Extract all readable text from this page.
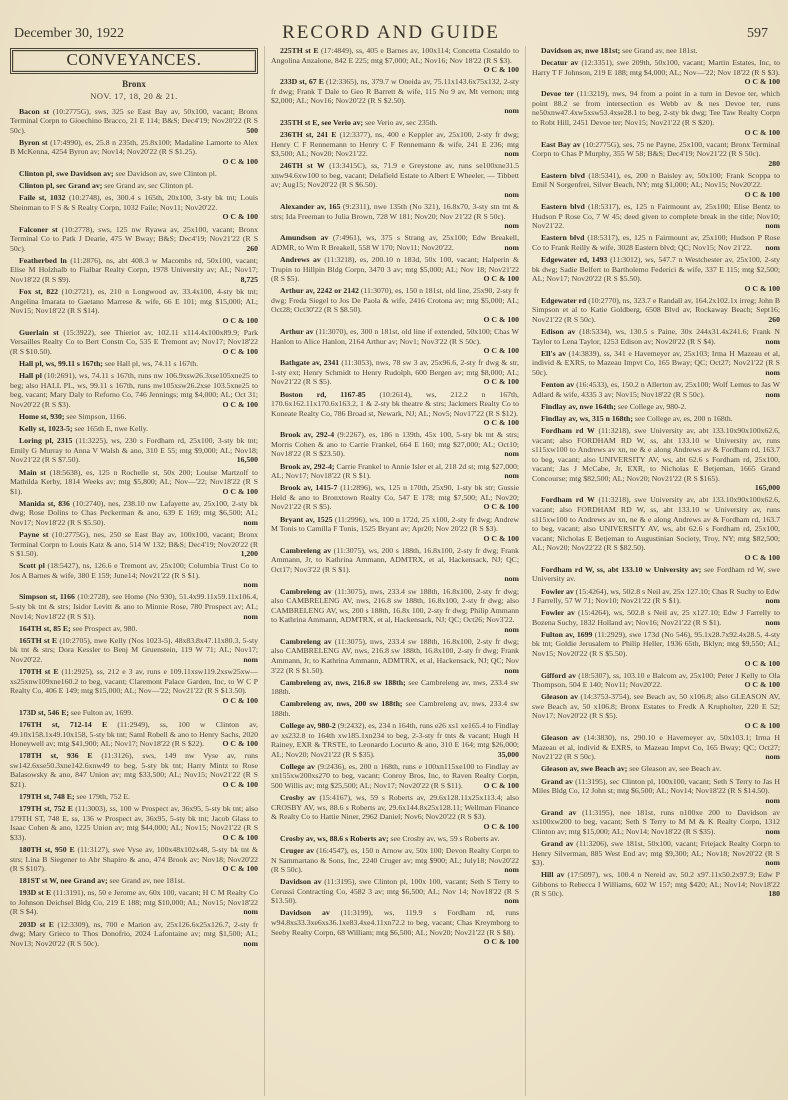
December 30, 1922	RECORD AND GUIDE	597
CONVEYANCES.
Bronx
NOV. 17, 18, 20 & 21.
Bacon st (10:2775G), sws, 325 se East Bay av, 50x100, vacant; Bronx Terminal Corpn to Gioechino Bracco, 21 E 114; B&S; Dec4'19; Nov20'22 (R S 50c).	500
Byron st (17:4990), es, 25.8 n 235th, 25.8x100; Madaline Lamorte to Alex B McKenna, 4254 Byron av; Nov14; Nov20'22 (R S $1.25).
O C & 100
Clinton pl, swe Davidson av; see Davidson av, swe Clinton pl.
Clinton pl, sec Grand av; see Grand av, sec Clinton pl.
Faile st, 1032 (10:2748), es, 300.4 s 165th, 20x100, 3-sty bk tnt; Louis Sheinman to F S & S Realty Corpn, 1032 Faile; Nov11; Nov20'22.
O C & 100
Falconer st (10:2778), sws, 125 nw Ryawa av, 25x100, vacant; Bronx Terminal Co to Patk J Dearie, 475 W Bway; B&S; Dec4'19; Nov21'22 (R S 50c).	260
Featherbed ln (11:2876), ns, abt 408.3 w Macombs rd, 50x100, vacant; Elise M Holzhalb to Fialbar Realty Corpn, 1978 University av; AL; Nov17; Nov18'22 (R S $9).	8,725
Fox st, 822 (10:2721), es, 210 n Longwood av, 33.4x100, 4-sty bk tnt; Angelina Imarata to Gaetano Marrese & wife, 66 E 101; mtg $15,000; AL; Nov15; Nov18'22 (R S $14).
O C & 100
Guerlain st (15:3922), see Thieriot av, 102.11 x114.4x100x89.9; Park Versailles Realty Co to Bert Constn Co, 535 E Tremont av; Nov17; Nov18'22 (R S $10.50).	O C & 100
Hall pl, ws, 99.11 s 167th; see Hall pl, ws, 74.11 s 167th.
Hall pl (10:2691), ws, 74.11 s 167th, runs nw 106.9xsw26.3xse105xne25 to beg; also HALL PL, ws, 99.11 s 167th, runs nw105xsw26.2xse 103.5xne25 to beg, vacant; Mary Daly to Reforno Co, 746 Jennings; mtg $4,000; AL; Oct 31; Nov20'22 (R S $3).	O C & 100
Home st, 930; see Simpson, 1166.
Kelly st, 1023-5; see 165th E, nwe Kelly.
Loring pl, 2315 (11:3225), ws, 230 s Fordham rd, 25x100, 3-sty bk tnt; Emily G Murray to Anna V Walsh & ano, 310 E 55; mtg $9,000; AL; Nov18; Nov21'22 (R S $7.50).	16,500
Main st (18:5638), es, 125 n Rochelle st, 50x 200; Louise Martzolf to Mathilda Kerby, 1814 Weeks av; mtg $5,800; AL; Nov—'22; Nov18'22 (R S $1).	O C & 100
Manida st, 836 (10:2740), nes, 238.10 nw Lafayette av, 25x100, 2-sty bk dwg; Rose Dolins to Chas Peckerman & ano, 639 E 169; mtg $6,500; AL; Nov17; Nov18'22 (R S $5.50).	nom
Payne st (10:2775G), nes, 250 se East Bay av, 100x100, vacant; Bronx Terminal Corpn to Louis Katz & ano, 514 W 132; B&S; Dec4'19; Nov20'22 (R S $1.50).	1,200
Scott pl (18:5427), ns, 126.6 e Tremont av, 25x100; Columbia Trust Co to Jos A Barnes & wife, 380 E 159; June14; Nov21'22 (R S $1).
nom
Simpson st, 1166 (10:2728), see Home (No 930), 51.4x99.11x59.11x106.4, 5-sty bk tnt & strs; Isidor Levitt & ano to Minnie Rose, 780 Prospect av; AL; Nov14; Nov18'22 (R S $1).	nom
164TH st, 85 E; see Prospect av, 980.
165TH st E (10:2705), nwe Kelly (Nos 1023-5), 48x83.8x47.11x80.3, 5-sty bk tnt & strs; Dora Kessler to Benj M Gruenstein, 119 W 71; AL; Nov17; Nov20'22.	nom
170TH st E (11:2925), ss, 212 e 3 av, runs e 109.11xsw119.2xsw25xw—xs25xnw109xne160.2 to beg, vacant; Claremont Palace Garden, Inc, to W C P Realty Co, 406 E 149; mtg $15,000; AL; Nov—'22; Nov21'22 (R S $13.50).
O C & 100
173D st, 546 E; see Fulton av, 1699.
176TH st, 712-14 E (11:2949), ss, 100 w Clinton av, 49.10x158.1x49.10x158, 5-sty bk tnt; Saml Robell & ano to Henry Sachs, 2020 Honeywell av; mtg $41,900; AL; Nov17; Nov18'22 (R S $22).	O C & 100
178TH st, 936 E (11:3126), sws, 149 nw Vyse av, runs sw142.6xse50.3xne142.6xnw49 to beg, 5-sty bk tnt; Harry Mintz to Rose Balasowsky & ano, 847 Union av; mtg $33,500; AL; Nov15; Nov21'22 (R S $21).	O C & 100
179TH st, 748 E; see 179th, 752 E.
179TH st, 752 E (11:3003), ss, 100 w Prospect av, 36x95, 5-sty bk tnt; also 179TH ST, 748 E, ss, 136 w Prospect av, 36x95, 5-sty bk tnt; Jacob Glass to Isaac Cohen & ano, 1225 Union av; mtg $44,000; AL; Nov15; Nov21'22 (R S $33).	O C & 100
180TH st, 950 E (11:3127), swe Vyse av, 100x48x102x48, 5-sty bk tnt & strs; Lina B Siegener to Abr Shapiro & ano, 474 Brook av; Nov18; Nov20'22 (R S $107).	O C & 100
181ST st W, nee Grand av; see Grand av, nee 181st.
193D st E (11:3191), ns, 50 e Jerome av, 60x 100, vacant; H C M Realty Co to Johnson Deichsel Bldg Co, 219 E 188; mtg $10,000; AL; Nov15; Nov18'22 (R S $4).	nom
203D st E (12:3309), ns, 700 e Marion av, 25x126.6x25x126.7, 2-sty fr dwg; Mary Grieco to Thos Donofrio, 2024 Lafontaine av; mtg $1,500; AL; Nov13; Nov20'22 (R S 50c).	nom
225TH st E (17:4849), ss, 405 e Barnes av, 100x114; Concetta Costaldo to Angolina Anzalone, 842 E 225; mtg $7,000; AL; Nov16; Nov 18'22 (R S $3).
O C & 100
233D st, 67 E (12:3365), ns, 379.7 w Oneida av, 75.11x143.6x75x132, 2-sty fr dwg; Frank T Dale to Geo R Barrett & wife, 115 No 9 av, Mt vernon; mtg $2,000; AL; Nov16; Nov20'22 (R S $2.50).
nom
235TH st E, see Verio av; see Verio av, sec 235th.
236TH st, 241 E (12:3377), ns, 400 e Keppler av, 25x100, 2-sty fr dwg; Henry C F Rennemann to Henry C F Rennemann & wife, 241 E 236; mtg $3,500; AL; Nov20; Nov21'22.	nom
246TH st W (13:3415C), ss, 71.9 e Greystone av, runs se100xne31.5 xnw94.6xw100 to beg, vacant; Delafield Estate to Albert E Wheeler, — Tibbett av; Aug15; Nov20'22 (R S $6.50).
nom
Alexander av, 165 (9:2311), nwe 135th (No 321), 16.8x70, 3-sty stn tnt & strs; Ida Freeman to Julia Brown, 728 W 181; Nov20; Nov 21'22 (R S 50c).
nom
Amundson av (7:4961), ws, 375 s Strang av, 25x100; Edw Breakell, ADMR, to Wm R Breakell, 558 W 170; Nov11; Nov20'22.	nom
Andrews av (11:3218), es, 200.10 n 183d, 50x 100, vacant; Halperin & Trupin to Hillpin Bldg Corpn, 3470 3 av; mtg $5,000; AL; Nov 18; Nov21'22 (R S $5).	O C & 100
Arthur av, 2242 or 2142 (11:3070), es, 150 n 181st, old line, 25x90, 2-sty fr dwg; Freda Siegel to Jos De Paola & wife, 2416 Crotona av; mtg $5,000; AL; Oct28; Oct30'22 (R S $8.50).
O C & 100
Arthur av (11:3070), es, 300 n 181st, old line if extended, 50x100; Chas W Hanlon to Alice Hanlon, 2164 Arthur av; Nov1; Nov3'22 (R S 50c).
O C & 100
Bathgate av, 2341 (11:3053), nws, 78 sw 3 av, 25x96.6, 2-sty fr dwg & str, 1-sty ext; Henry Schmidt to Henry Rudolph, 600 Bergen av; mtg $8,000; AL; Nov21'22 (R S $5).	O C & 100
Boston rd, 1167-85 (10:2614), ws, 212.2 n 167th, 170.6x162.11x170.6x163.2, 1 & 2-sty bk theatre & strs; Jackmers Realty Co to Koneate Realty Co, 786 Broad st, Newark, NJ; AL; Nov5; Nov17'22 (R S $12).
O C & 100
Brook av, 292-4 (9:2267), es, 186 n 139th, 45x 100, 5-sty bk tnt & strs; Morris Cohen & ano to Carrie Frankel, 664 E 160; mtg $27,000; AL; Oct10; Nov18'22 (R S $23.50).	nom
Brook av, 292-4; Carrie Frankel to Annie Isler et al, 218 2d st; mtg $27,000; AL; Nov17; Nov18'22 (R S $1).	nom
Brook av, 1415-7 (11:2896), ws, 125 n 170th, 25x90, 1-sty bk str; Gussie Held & ano to Bronxtown Realty Co, 547 E 178; mtg $7,500; AL; Nov20; Nov21'22 (R S $5).	O C & 100
Bryant av, 1525 (11:2996), ws, 100 n 172d, 25 x100, 2-sty fr dwg; Andrew M Tonis to Camilla F Tonis, 1525 Bryant av; Apr20; Nov 20'22 (R S $3).
O C & 100
Cambreleng av (11:3075), ws, 200 s 188th, 16.8x100, 2-sty fr dwg; Frank Ammann, Jr, to Kathrina Ammann, ADMTRX, et al, Hackensack, NJ; QC; Oct17; Nov3'22 (R S $1).
nom
Cambreleng av (11:3075), nws, 233.4 sw 188th, 16.8x100, 2-sty fr dwg; also CAMBRELENG AV, nws, 216.8 sw 188th, 16.8x100, 2-sty fr dwg; also CAMBRELENG AV, ws, 200 s 188th, 16.8x 100, 2-sty fr dwg; Philip Ammann to Kathrina Ammann, ADMTRX, et al, Hackensack, NJ; QC; Oct26; Nov3'22.
nom
Cambreleng av (11:3075), nws, 233.4 sw 188th, 16.8x100, 2-sty fr dwg; also CAMBRELENG AV, nws, 216.8 sw 188th, 16.8x100, 2-sty fr dwg; Frank Ammann, Jr, to Kathrina Ammann, ADMTRX, et al, Hackensack, NJ; QC; Nov 3'22 (R S $1.50).	nom
Cambreleng av, nws, 216.8 sw 188th; see Cambreleng av, nws, 233.4 sw 188th.
Cambreleng av, nws, 200 sw 188th; see Cambreleng av, nws, 233.4 sw 188th.
College av, 980-2 (9:2432), es, 234 n 164th, runs e26 xs1 xe165.4 to Findlay av xs232.8 to 164th xw185.1xn234 to beg, 2-3-sty fr tnts & vacant; Hugh H Rainey, EXR & TRSTE, to Leonardo Locurto & ano, 310 E 164; mtg $26,000; AL; Nov20; Nov21'22 (R S $35).	35,000
College av (9:2436), es, 200 n 168th, runs e 100xn115xe100 to Findlay av xn155xw200xs270 to beg, vacant; Conroy Bros, Inc, to Raven Realty Corpn, 500 Willis av; mtg $25,500; AL; Nov17; Nov20'22 (R S $11).	O C & 100
Crosby av (15:4167), ws, 59 s Roberts av, 29.6x128.11x25x113.4; also CROSBY AV, ws, 88.6 s Roberts av, 29.6x144.8x25x128.11; Wellman Finance & Realty Co to Hattie Niner, 2962 Daniel; Nov6; Nov20'22 (R S $3).
O C & 100
Crosby av, ws, 88.6 s Roberts av; see Crosby av, ws, 59 s Roberts av.
Cruger av (16:4547), es, 150 n Arnow av, 50x 100; Devon Realty Corpn to N Sammartano & Sons, Inc, 2240 Cruger av; mtg $900; AL; July18; Nov20'22 (R S 50c).	nom
Davidson av (11:3195), swe Clinton pl, 100x 100, vacant; Seth S Terry to Cerussi Contracting Co, 4582 3 av; mtg $6,500; AL; Nov 14; Nov18'22 (R S $13.50).	nom
Davidson av (11:3199), ws, 119.9 s Fordham rd, runs w94.8xs33.3xe6xs36.1xe83.4xe4.11xn72.2 to beg, vacant; Chas Kreymborg to Seeby Realty Corpn, 68 William; mtg $6,500; AL; Nov20; Nov21'22 (R S $8).
O C & 100
Davidson av, nwe 181st; see Grand av, nee 181st.
Decatur av (12:3351), swe 209th, 50x100, vacant; Martin Estates, Inc, to Harry T F Johnson, 219 E 188; mtg $4,000; AL; Nov—'22; Nov 18'22 (R S $3).
O C & 100
Devoe ter (11:3219), nws, 94 from a point in a turn in Devoe ter, which point 88.2 se from intersection es Webb av & nes Devoe ter, runs ne50xnw47.4xw5xsw53.4xse28.1 to beg, 2-sty bk dwg; Tee Taw Realty Corpn to Robt Hill, 2451 Devoe ter; Nov15; Nov21'22 (R S $20).
O C & 100
East Bay av (10:2775G), ses, 75 ne Payne, 25x100, vacant; Bronx Terminal Corpn to Chas P Murphy, 355 W 58; B&S; Dec4'19; Nov21'22 (R S 50c).
280
Eastern blvd (18:5341), es, 200 n Baisley av, 50x100; Frank Scoppa to Emil N Sorgenfrei, Silver Beach, NY; mtg $1,000; AL; Nov15; Nov20'22.
O C & 100
Eastern blvd (18:5317), es, 125 n Fairmount av, 25x100; Elise Bentz to Hudson P Rose Co, 7 W 45; deed given to complete break in the title; Nov10; Nov21'22.	nom
Eastern blvd (18:5317), es, 125 n Fairmount av, 25x100; Hudson P Rose Co to Frank Reilly & wife, 3028 Eastern blvd; QC; Nov15; Nov 21'22.	nom
Edgewater rd, 1493 (11:3012), ws, 547.7 n Westchester av, 25x100, 2-sty bk dwg; Sadie Belfert to Bartholemo Federici & wife, 337 E 115; mtg $2,500; AL; Nov17; Nov20'22 (R S $5.50).
O C & 100
Edgewater rd (10:2770), ns, 323.7 e Randall av, 164.2x102.1x irreg; John B Simpson et al to Katie Goldberg, 6508 Blvd av, Rockaway Beach; Sept16; Nov21'22 (R S 50c).	260
Edison av (18:5334), ws, 130.5 s Paine, 30x 244x31.4x241.6; Frank N Taylor to Lena Taylor, 1253 Edison av; Nov20'22 (R S $4).	nom
Ell's av (14:3839), ss, 341 e Havemeyer av, 25x103; Irma H Mazeau et al, individ & EXRS, to Mazeau Impvt Co, 165 Bway; QC; Oct27; Nov21'22 (R S 50c).	nom
Fenton av (16:4533), es, 150.2 n Allerton av, 25x100; Wolf Lemus to Jas W Adlard & wife, 4335 3 av; Nov15; Nov18'22 (R S 50c).	nom
Findlay av, nwe 164th; see College av, 980-2.
Findlay av, ws, 315 n 168th; see College av, es, 200 n 168th.
Fordham rd W (11:3218), swe University av, abt 133.10x90x100x62.6, vacant; also FORDHAM RD W, ss, abt 133.10 w University av, runs s115xw100 to Andrews av xn, ne & e along Andrews av & Fordham rd, 163.7 to beg, vacant; also UNIVERSITY AV, ws, abt 62.6 s Fordham rd, 25x100, vacant; Jas J McCabe, Jr, EXR, to Nicholas E Betjeman, 1665 Grand Concourse; mtg $82,500; AL; Nov20; Nov21'22 (R S $165).
165,000
Fordham rd W (11:3218), swe University av, abt 133.10x90x100x62.6, vacant; also FORDHAM RD W, ss, abt 133.10 w University av, runs s115xw100 to Andrews av xn, ne & e along Andrews av & Fordham rd, 163.7 to beg, vacant; also UNIVERSITY AV, ws, abt 62.6 s Fordham rd, 25x100, vacant; Nicholas E Betjeman to Augustinian Society, Troy, NY; mtg $82,500; AL; Nov20; Nov22'22 (R S $82.50).
O C & 100
Fordham rd W, ss, abt 133.10 w University av; see Fordham rd W, swe University av.
Fowler av (15:4264), ws, 502.8 s Neil av, 25x 127.10; Chas R Suchy to Edw J Farrelly, 57 W 71; Nov10; Nov21'22 (R S $1).	nom
Fowler av (15:4264), ws, 502.8 s Neil av, 25 x127.10; Edw J Farrelly to Bozena Suchy, 1832 Holland av; Nov16; Nov21'22 (R S $1).	nom
Fulton av, 1699 (11:2929), swe 173d (No 546), 95.1x28.7x92.4x28.5, 4-sty bk tnt; Goldie Jerusalem to Philip Heller, 1936 65th, Bklyn; mtg $9,550; AL; Nov15; Nov20'22 (R S $5.50).
O C & 100
Gifford av (18:5307), ss, 103.10 e Balcom av, 25x100; Peter J Kelly to Ola Thompson, 504 E 140; Nov11; Nov20'22.	O C & 100
Gleason av (14:3753-3754), see Beach av, 50 x106.8; also GLEASON AV, swe Beach av, 50 x106.8; Bronx Estates to Fredk A Krupholter, 220 E 52; Nov17; Nov20'22 (R S $5).
O C & 100
Gleason av (14:3830), ns, 290.10 e Havemeyer av, 50x103.1; Irma H Mazeau et al, individ & EXRS, to Mazeau Impvt Co, 165 Bway; QC; Oct27; Nov21'22 (R S 50c).	nom
Gleason av, swe Beach av; see Gleason av, see Beach av.
Grand av (11:3195), sec Clinton pl, 100x100, vacant; Seth S Terry to Jas H Miles Bldg Co, 12 John st; mtg $6,500; AL; Nov14; Nov18'22 (R S $14.50).
nom
Grand av (11:3195), nee 181st, runs n100xe 200 to Davidson av xs100xw200 to beg, vacant; Seth S Terry to M M & K Realty Corpn, 1312 Clinton av; mtg $15,000; AL; Nov14; Nov18'22 (R S $35).	nom
Grand av (11:3206), swe 181st, 50x100, vacant; Friejack Realty Corpn to Henry Silverman, 885 West End av; mtg $9,300; AL; Nov18; Nov20'22 (R S $3).	nom
Hill av (17:5097), ws, 100.4 n Nereid av, 50.2 x97.11x50.2x97.9; Edw P Gibbons to Rebecca I Williams, 602 W 157; mtg $420; AL; Nov14; Nov18'22 (R S 50c).	180
